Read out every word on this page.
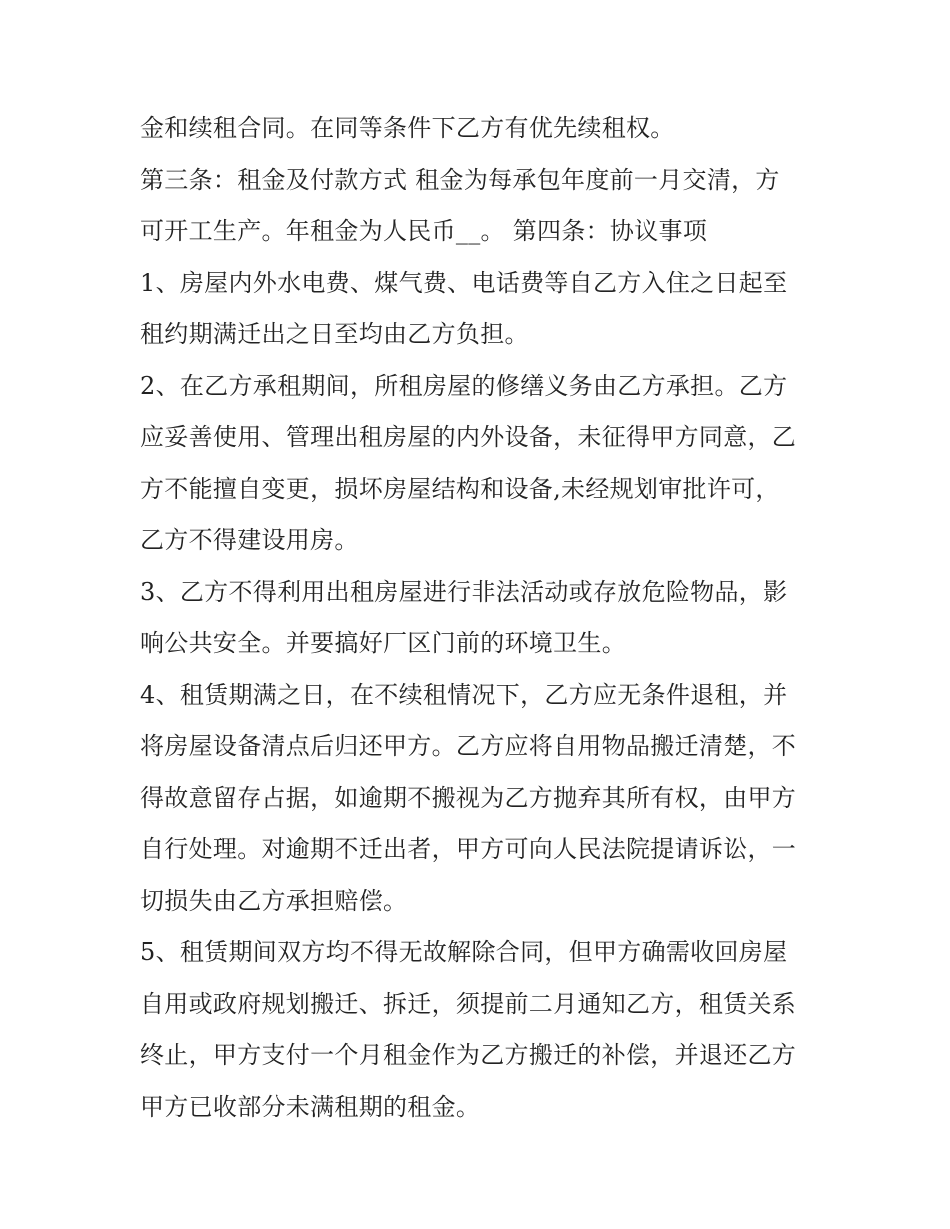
金和续租合同。在同等条件下乙方有优先续租权。

第三条：租金及付款方式 租金为每承包年度前一月交清，方
可开工生产。年租金为人民币__。 第四条：协议事项

1、房屋内外水电费、煤气费、电话费等自乙方入住之日起至
租约期满迁出之日至均由乙方负担。

2、在乙方承租期间，所租房屋的修缮义务由乙方承担。乙方
应妥善使用、管理出租房屋的内外设备，未征得甲方同意，乙
方不能擅自变更，损坏房屋结构和设备,未经规划审批许可，
乙方不得建设用房。

3、乙方不得利用出租房屋进行非法活动或存放危险物品，影
响公共安全。并要搞好厂区门前的环境卫生。

4、租赁期满之日，在不续租情况下，乙方应无条件退租，并
将房屋设备清点后归还甲方。乙方应将自用物品搬迁清楚，不
得故意留存占据，如逾期不搬视为乙方抛弃其所有权，由甲方
自行处理。对逾期不迁出者，甲方可向人民法院提请诉讼，一
切损失由乙方承担赔偿。

5、租赁期间双方均不得无故解除合同，但甲方确需收回房屋
自用或政府规划搬迁、拆迁，须提前二月通知乙方，租赁关系
终止，甲方支付一个月租金作为乙方搬迁的补偿，并退还乙方
甲方已收部分未满租期的租金。
